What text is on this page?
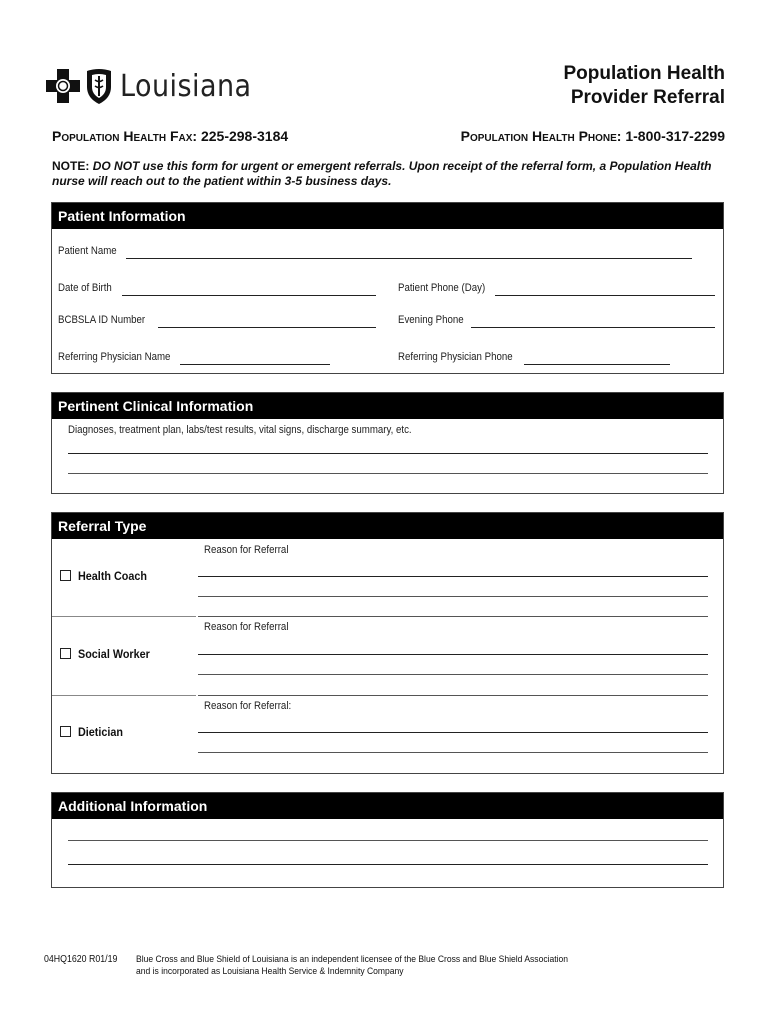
Louisiana	Population Health
Provider Referral
Population Health Fax: 225-298-3184	Population Health Phone: 1-800-317-2299
NOTE: DO NOT use this form for urgent or emergent referrals. Upon receipt of the referral form, a Population Health nurse will reach out to the patient within 3-5 business days.
Patient Information
Patient Name
Date of Birth	Patient Phone (Day)
BCBSLA ID Number	Evening Phone
Referring Physician Name	Referring Physician Phone
Pertinent Clinical Information
Diagnoses, treatment plan, labs/test results, vital signs, discharge summary, etc.
Referral Type
Reason for Referral
Health Coach
Reason for Referral
Social Worker
Reason for Referral:
Dietician
Additional Information
04HQ1620 R01/19 Blue Cross and Blue Shield of Louisiana is an independent licensee of the Blue Cross and Blue Shield Association
and is incorporated as Louisiana Health Service & Indemnity Company
